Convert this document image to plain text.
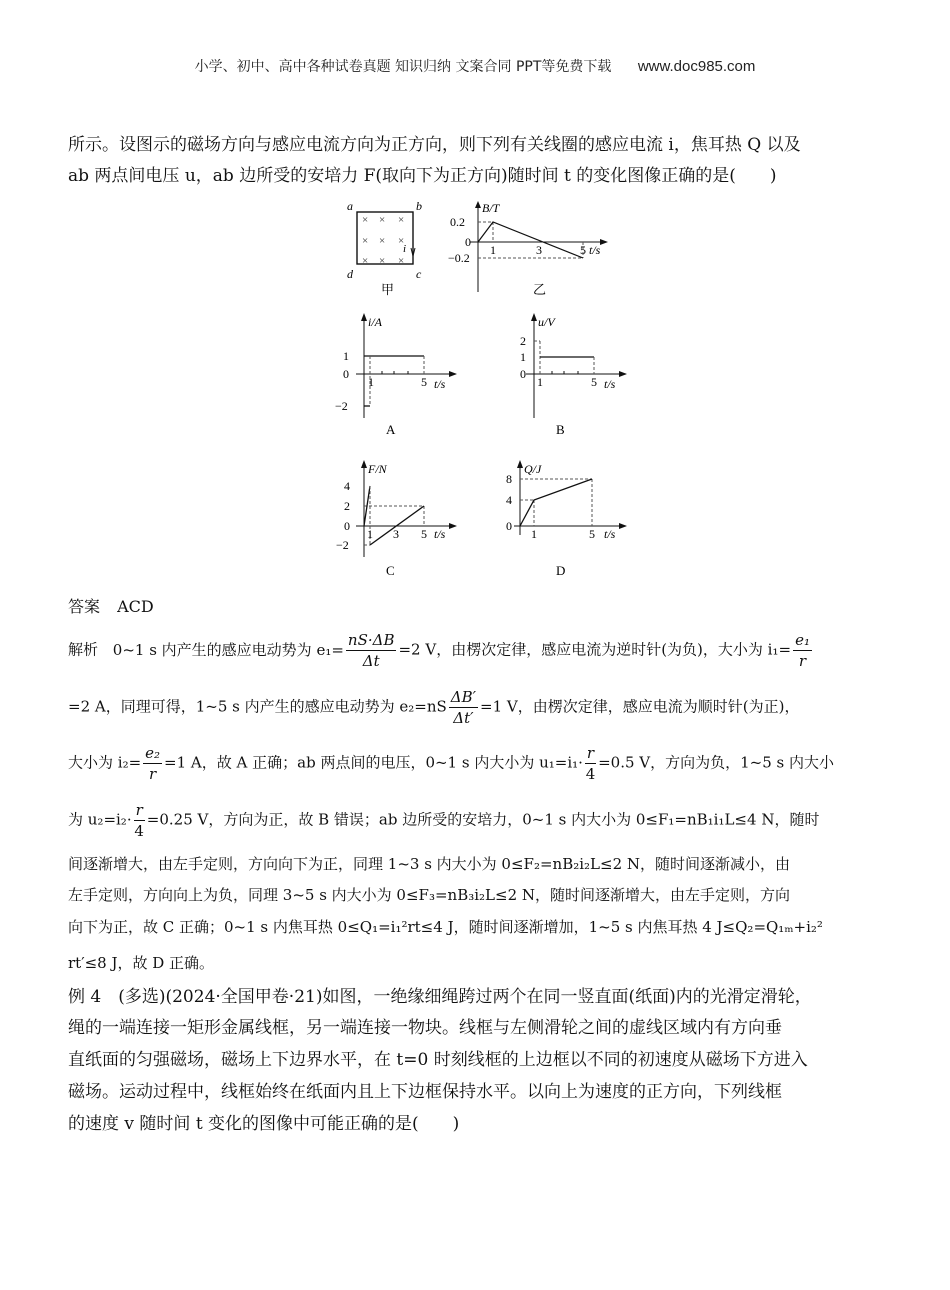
小学、初中、高中各种试卷真题 知识归纳 文案合同 PPT等免费下载 www.doc985.com
所示。设图示的磁场方向与感应电流方向为正方向，则下列有关线圈的感应电流 i，焦耳热 Q 以及
ab 两点间电压 u，ab 边所受的安培力 F(取向下为正方向)随时间 t 的变化图像正确的是(　　)
× × ×
× × ×
× × ×
a	b
c
d
i
甲
B/T
0.2
0
−0.2
1	3	5 t/s
乙
i/A
1
0
−2
1	5 t/s
A
u/V
2
1
0
1	5 t/s
B
F/N
4
2
0
−2
1 3 5 t/s
C
Q/J
8
4
0
1	5 t/s
D
答案 ACD
解析 0~1 s 内产生的感应电动势为 $e_1= \frac{nS\cdot\Delta B}{\Delta t} =2$ V，由楞次定律，感应电流为逆时针(为负)，大小为 $i_1= \frac{\text{e₁}}{r}$
=2 A，同理可得，1~5 s 内产生的感应电动势为 $e_2=nS \frac{\Delta B'}{\Delta t'} =1$ V，由楞次定律，感应电流为顺时针(为正)，
大小为 $i_2= \frac{\text{e₂}}{r} =1$ A，故 A 正确；ab 两点间的电压，0~1 s 内大小为 $u_1=i_1\cdot \frac{r}{4} =0.5$ V，方向为负，1~5 s 内大小
为 $u_2=i_2\cdot \frac{r}{4} =0.25$ V，方向为正，故 B 错误；ab 边所受的安培力，0~1 s 内大小为 0≤F₁=nB₁i₁L≤4 N，随时
间逐渐增大，由左手定则，方向向下为正，同理 1~3 s 内大小为 0≤F₂=nB₂i₂L≤2 N，随时间逐渐减小，由
左手定则，方向向上为负，同理 3~5 s 内大小为 0≤F₃=nB₃i₂L≤2 N，随时间逐渐增大，由左手定则，方向
向下为正，故 C 正确；0~1 s 内焦耳热 0≤Q₁=i₁²rt≤4 J，随时间逐渐增加，1~5 s 内焦耳热 4 J≤Q₂=Q₁ₘ+i₂²
rt′≤8 J，故 D 正确。
例 4　(多选)(2024·全国甲卷·21)如图，一绝缘细绳跨过两个在同一竖直面(纸面)内的光滑定滑轮，
绳的一端连接一矩形金属线框，另一端连接一物块。线框与左侧滑轮之间的虚线区域内有方向垂
直纸面的匀强磁场，磁场上下边界水平，在 t=0 时刻线框的上边框以不同的初速度从磁场下方进入
磁场。运动过程中，线框始终在纸面内且上下边框保持水平。以向上为速度的正方向，下列线框
的速度 v 随时间 t 变化的图像中可能正确的是(　　)
